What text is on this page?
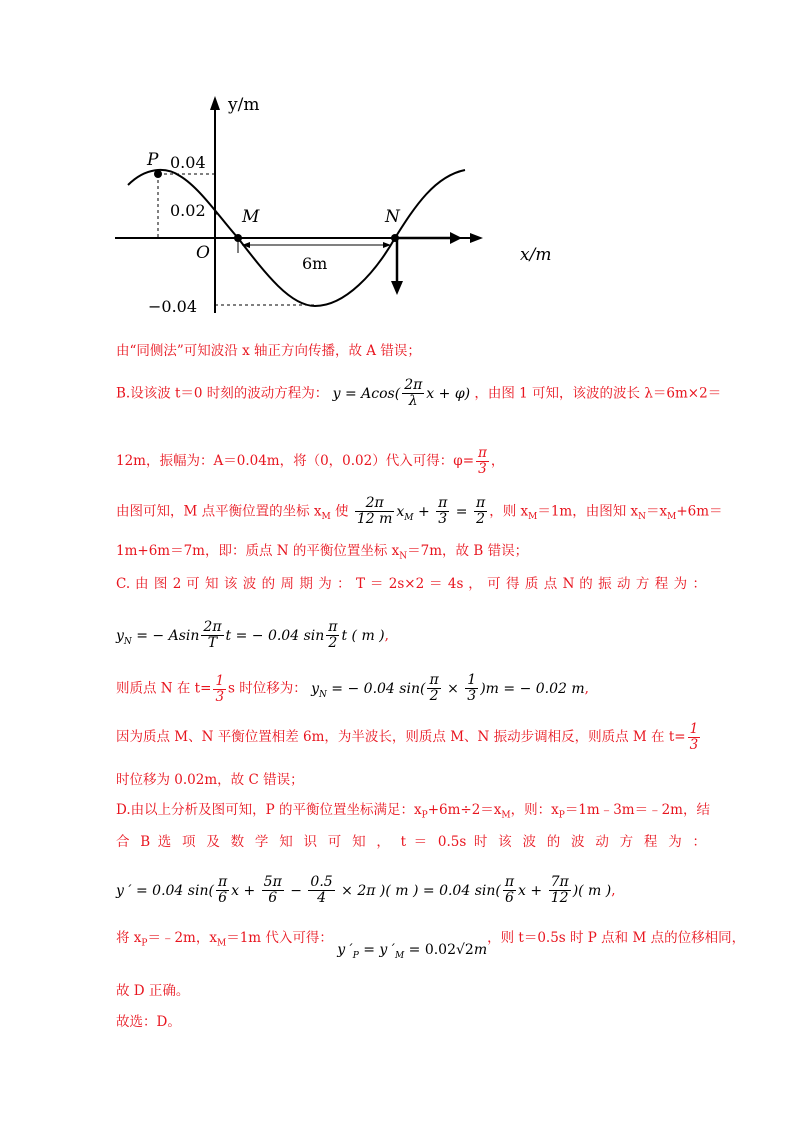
y/m
x/m
P
M	N
O
0.04
0.02
−0.04
6m
由“同侧法”可知波沿 x 轴正方向传播，故 A 错误；
B.设该波 t＝0 时刻的波动方程为： $y = Acos( \frac{2\pi}{\lambda}$ x + φ) ，由图 1 可知，该波的波长 λ＝6m×2＝
12m，振幅为：A＝0.04m，将（0，0.02）代入可得：$\varphi= \frac{\pi}{3}$ ，
由图可知，M 点平衡位置的坐标 $x_M$ 使 $\frac{2\pi}{12 m} x_M + \frac{\pi}{3} = \frac{\pi}{2}$ ，则 $x_M=1m$，由图知 $x_N=x_M+6m=$
1m+6m＝7m，即：质点 N 的平衡位置坐标 $x_N=7m$，故 B 错误；
C. 由 图 2 可 知 该 波 的 周 期 为 ： T ＝ 2s×2 ＝ 4s ， 可 得 质 点 N 的 振 动 方 程 为 ：
$y_N$ = − Asin $\frac{2\pi}{T}$ t = − 0.04 $\sin \frac{\pi}{2}$ t ( m ),
则质点 N 在 $t= \frac{1}{3}$ s 时位移为： $y_N$ = − 0.04 $\sin( \frac{\pi}{2} \times \frac{1}{3} )m$ = − 0.02 m,
因为质点 M、N 平衡位置相差 6m，为半波长，则质点 M、N 振动步调相反，则质点 M 在 $t= \frac{1}{3}$
时位移为 0.02m，故 C 错误；
D.由以上分析及图可知，P 的平衡位置坐标满足：$x_P+6m\div 2=x_M$，则：$x_P=1m﹣3m=﹣2m$，结
合 B 选 项 及 数 学 知 识 可 知 ， t ＝ 0.5s 时 该 波 的 波 动 方 程 为 ：
y ′ = 0.04 $\sin( \frac{\pi}{6}$ $x + \frac{5\pi}{6} - \frac{0.5}{4} \times 2\pi$ )( m ) = 0.04 $\sin( \frac{\pi}{6}$ $x + \frac{7\pi}{12}$ )( m ),
将 $x_P=﹣2m$，$x_M=1m$ 代入可得： y $'_P = y$ $'_M = 0.02√2m$，则 t＝0.5s 时 P 点和 M 点的位移相同，
故 D 正确。
故选：D。
